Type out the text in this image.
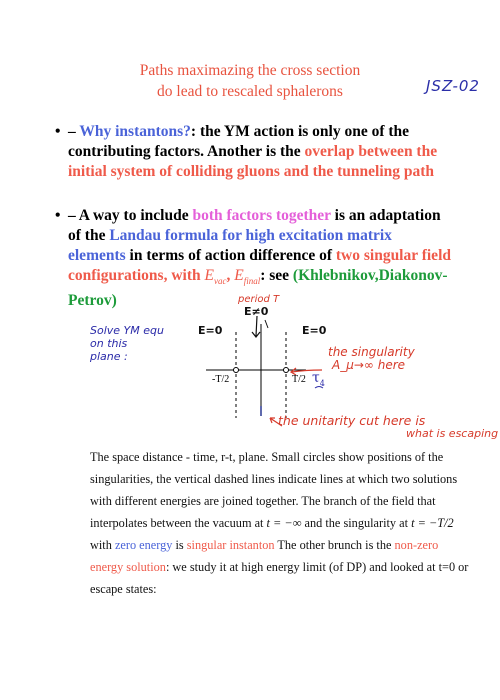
Paths maximazing the cross section
do lead to rescaled sphalerons	JSZ-02
• – Why instantons?: the YM action is only one of the contributing factors. Another is the overlap between the initial system of colliding gluons and the tunneling path
• – A way to include both factors together is an adaptation of the Landau formula for high excitation matrix elements in terms of action difference of two singular field configurations, with $E_{vac}$, $E_{final}$: see (Khlebnikov,Diakonov-Petrov)
Solve YM equ
on this
plane :
E=0	E=0
period T
E≠0
-T/2	T/2 $\tau_4$
the singularity
A_μ→∞ here
the unitarity cut here is
what is escaping
The space distance - time, r-t, plane. Small circles show positions of the singularities, the vertical dashed lines indicate lines at which two solutions with different energies are joined together. The branch of the field that interpolates between the vacuum at t = −∞ and the singularity at t = −T/2 with zero energy is singular instanton The other brunch is the non-zero energy solution: we study it at high energy limit (of DP) and looked at t=0 or escape states:
